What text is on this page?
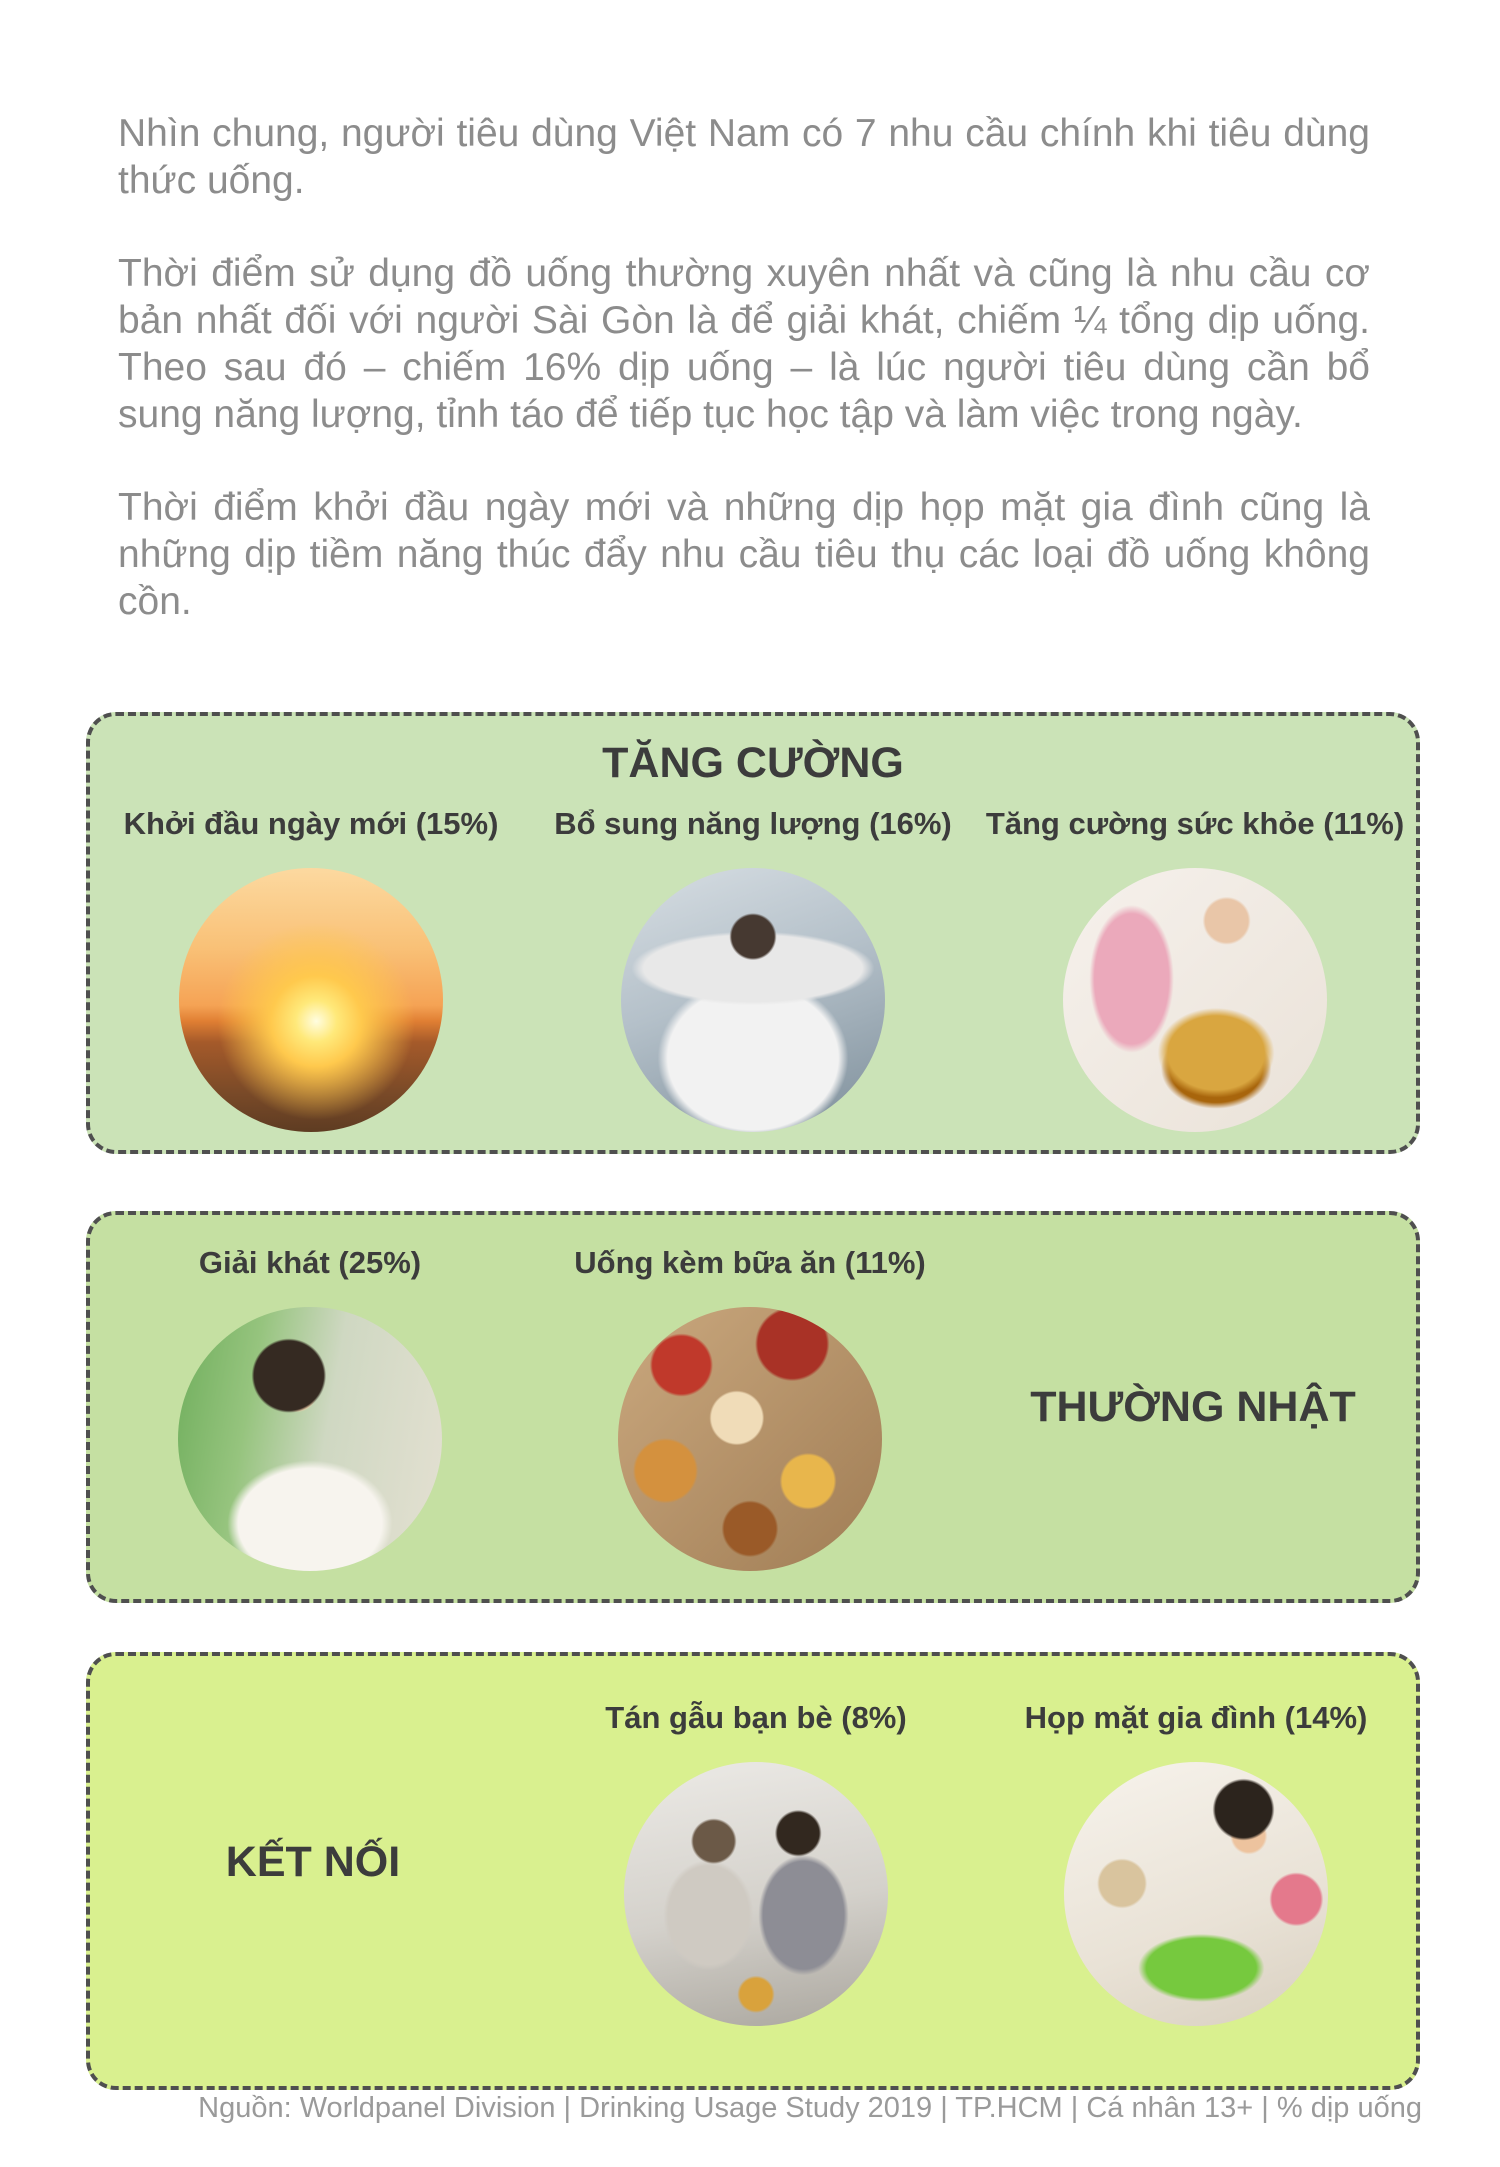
Nhìn chung, người tiêu dùng Việt Nam có 7 nhu cầu chính khi tiêu dùng thức uống.

Thời điểm sử dụng đồ uống thường xuyên nhất và cũng là nhu cầu cơ bản nhất đối với người Sài Gòn là để giải khát, chiếm ¼ tổng dịp uống. Theo sau đó – chiếm 16% dịp uống – là lúc người tiêu dùng cần bổ sung năng lượng, tỉnh táo để tiếp tục học tập và làm việc trong ngày.

Thời điểm khởi đầu ngày mới và những dịp họp mặt gia đình cũng là những dịp tiềm năng thúc đẩy nhu cầu tiêu thụ các loại đồ uống không cồn.

TĂNG CƯỜNG
Khởi đầu ngày mới (15%) Bổ sung năng lượng (16%) Tăng cường sức khỏe (11%)
Giải khát (25%)	Uống kèm bữa ăn (11%)
THƯỜNG NHẬT
KẾT NỐI
Tán gẫu bạn bè (8%)	Họp mặt gia đình (14%)
Nguồn: Worldpanel Division | Drinking Usage Study 2019 | TP.HCM | Cá nhân 13+ | % dịp uống
